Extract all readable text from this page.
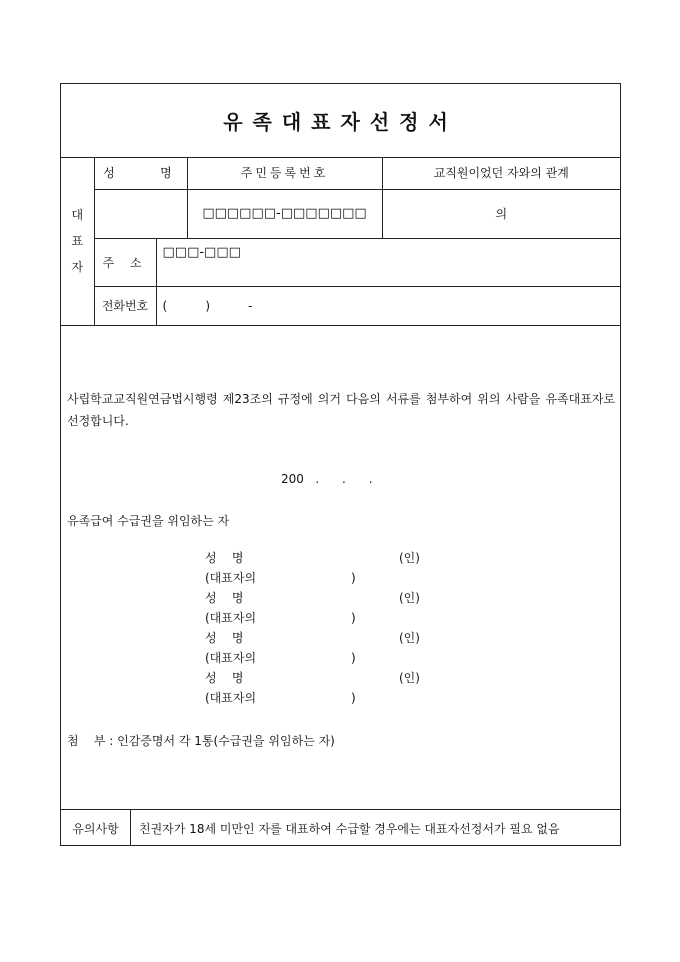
유족대표자선정서
대
표
자	성    명		주민등록번호	교직원이었던 자와의 관계
			□□□□□□-□□□□□□□	의
	주 소	□□□-□□□		
	전화번호	(          )          -		
사립학교교직원연금법시행령 제23조의 규정에 의거 다음의 서류를 첨부하여 위의 사람을 유족대표자로 선정합니다.
200   .      .      .
유족급여 수급권을 위임하는 자
성    명	(인)
(대표자의	)
성    명	(인)
(대표자의	)
성    명	(인)
(대표자의	)
성    명	(인)
(대표자의	)
첨    부 : 인감증명서 각 1통(수급권을 위임하는 자)
유의사항	친권자가 18세 미만인 자를 대표하여 수급할 경우에는 대표자선정서가 필요 없음
